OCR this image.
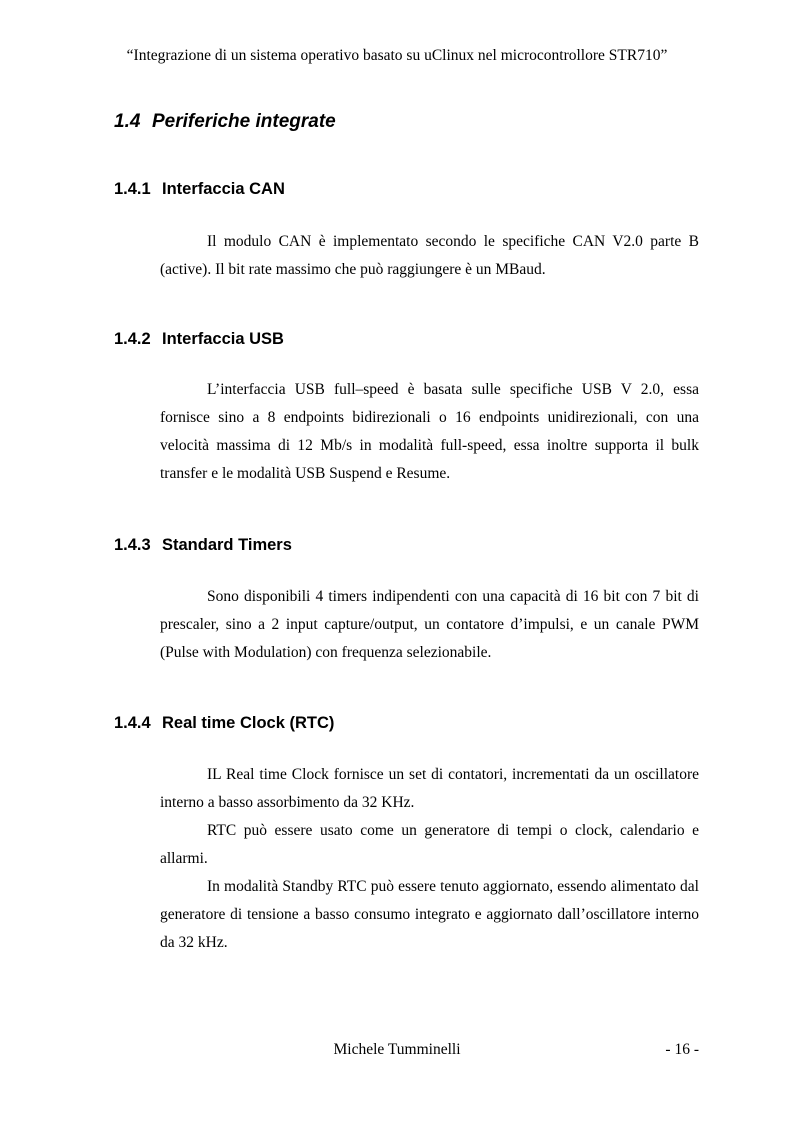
“Integrazione di un sistema operativo basato su uClinux nel microcontrollore STR710”
1.4 Periferiche integrate
1.4.1 Interfaccia CAN

Il modulo CAN è implementato secondo le specifiche CAN V2.0 parte B (active). Il bit rate massimo che può raggiungere è un MBaud.

1.4.2 Interfaccia USB

L’interfaccia USB full–speed è basata sulle specifiche USB V 2.0, essa fornisce sino a 8 endpoints bidirezionali o 16 endpoints unidirezionali, con una velocità massima di 12 Mb/s in modalità full-speed, essa inoltre supporta il bulk transfer e le modalità USB Suspend e Resume.

1.4.3 Standard Timers

Sono disponibili 4 timers indipendenti con una capacità di 16 bit con 7 bit di prescaler, sino a 2 input capture/output, un contatore d’impulsi, e un canale PWM (Pulse with Modulation) con frequenza selezionabile.

1.4.4 Real time Clock (RTC)

IL Real time Clock fornisce un set di contatori, incrementati da un oscillatore interno a basso assorbimento da 32 KHz.

RTC può essere usato come un generatore di tempi o clock, calendario e allarmi.

In modalità Standby RTC può essere tenuto aggiornato, essendo alimentato dal generatore di tensione a basso consumo integrato e aggiornato dall’oscillatore interno da 32 kHz.

Michele Tumminelli	- 16 -
